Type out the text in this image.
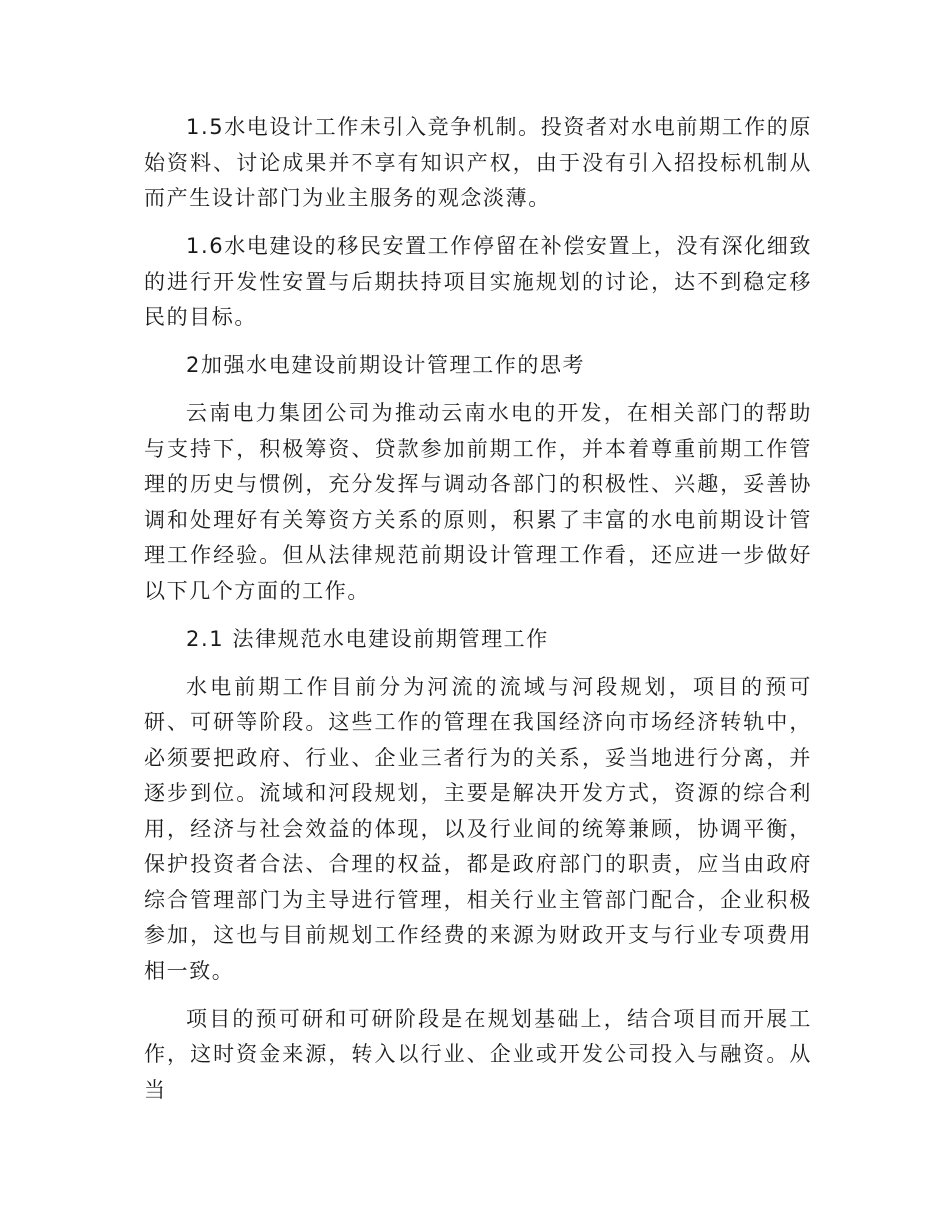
1.5水电设计工作未引入竞争机制。投资者对水电前期工作的原始资料、讨论成果并不享有知识产权，由于没有引入招投标机制从而产生设计部门为业主服务的观念淡薄。

1.6水电建设的移民安置工作停留在补偿安置上，没有深化细致的进行开发性安置与后期扶持项目实施规划的讨论，达不到稳定移民的目标。

2加强水电建设前期设计管理工作的思考

云南电力集团公司为推动云南水电的开发，在相关部门的帮助与支持下，积极筹资、贷款参加前期工作，并本着尊重前期工作管理的历史与惯例，充分发挥与调动各部门的积极性、兴趣，妥善协调和处理好有关筹资方关系的原则，积累了丰富的水电前期设计管理工作经验。但从法律规范前期设计管理工作看，还应进一步做好以下几个方面的工作。

2.1 法律规范水电建设前期管理工作

水电前期工作目前分为河流的流域与河段规划，项目的预可研、可研等阶段。这些工作的管理在我国经济向市场经济转轨中，必须要把政府、行业、企业三者行为的关系，妥当地进行分离，并逐步到位。流域和河段规划，主要是解决开发方式，资源的综合利用，经济与社会效益的体现，以及行业间的统筹兼顾，协调平衡，保护投资者合法、合理的权益，都是政府部门的职责，应当由政府综合管理部门为主导进行管理，相关行业主管部门配合，企业积极参加，这也与目前规划工作经费的来源为财政开支与行业专项费用相一致。

项目的预可研和可研阶段是在规划基础上，结合项目而开展工作，这时资金来源，转入以行业、企业或开发公司投入与融资。从当
